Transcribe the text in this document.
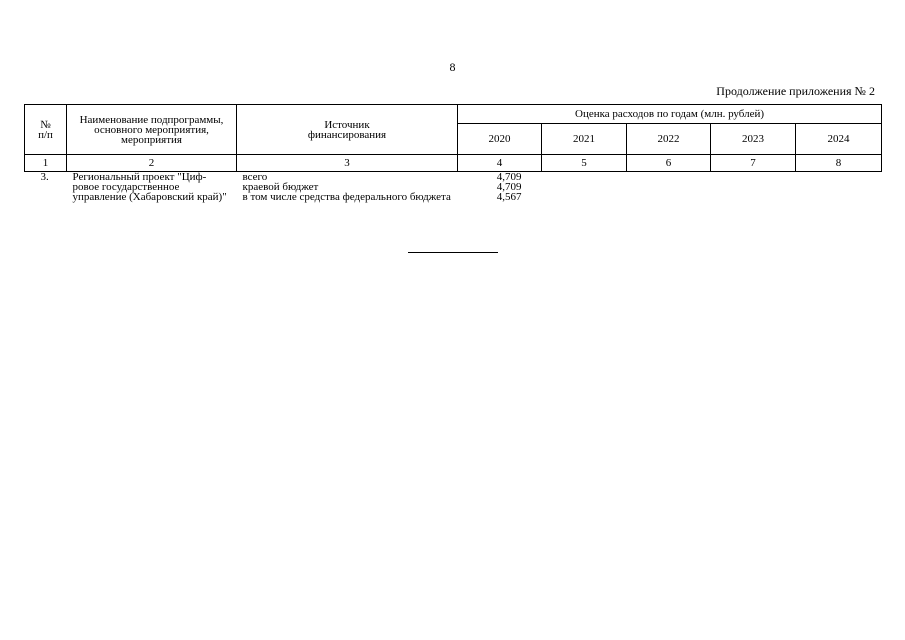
8
Продолжение приложения № 2
№
п/п	Наименование подпрограммы, основного мероприятия, мероприятия	Источник финансирования	Оценка расходов по годам (млн. рублей)				
			2020	2021	2022	2023	2024
1	2	3	4	5	6	7	8
3.	Региональный проект "Циф-ровое государственное управление (Хабаровский край)"	всего	4,709				
		краевой бюджет	4,709				
		в том числе средства федерального бюджета	4,567				
